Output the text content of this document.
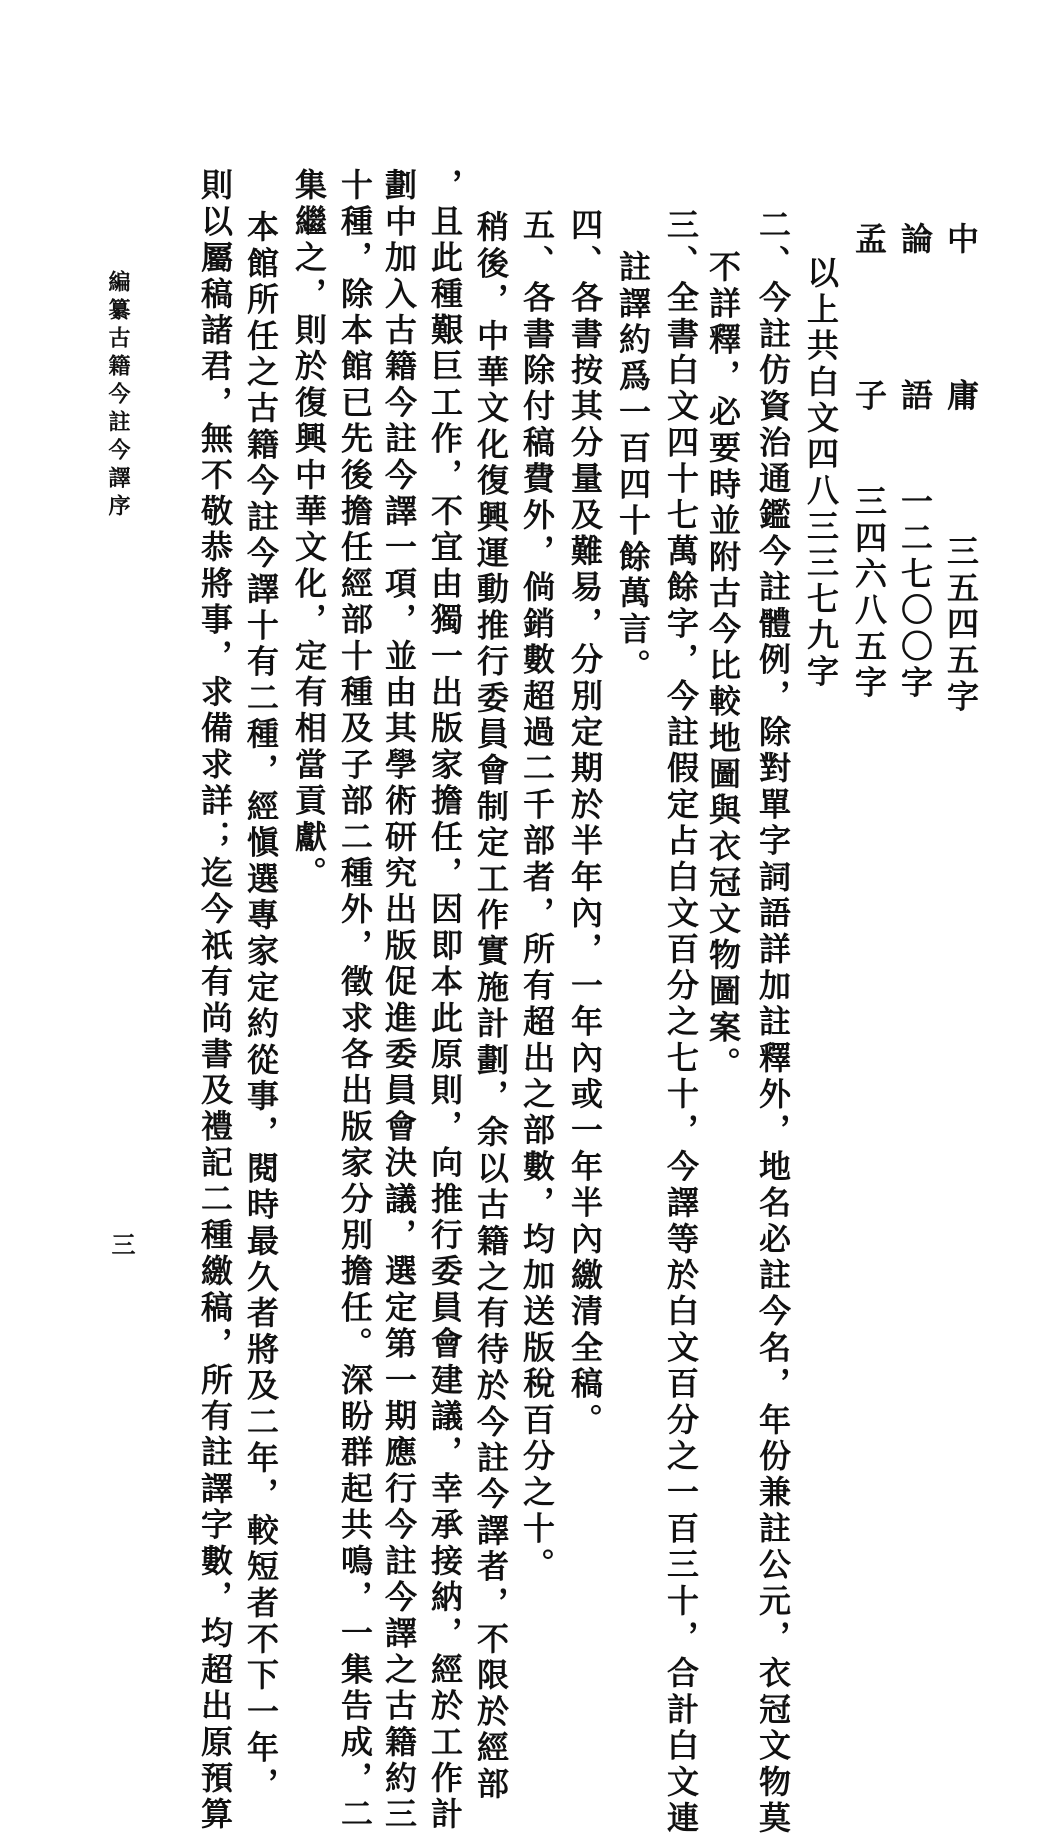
中庸三五四五字
論語一二七〇〇字
孟子三四六八五字
以上共白文四八三三七九字
二、今註仿資治通鑑今註體例，除對單字詞語詳加註釋外，地名必註今名，年份兼註公元，衣冠文物莫
不詳釋，必要時並附古今比較地圖與衣冠文物圖案。
三、全書白文四十七萬餘字，今註假定占白文百分之七十，今譯等於白文百分之一百三十，合計白文連
註譯約爲一百四十餘萬言。
四、各書按其分量及難易，分別定期於半年內，一年內或一年半內繳清全稿。
五、各書除付稿費外，倘銷數超過二千部者，所有超出之部數，均加送版稅百分之十。
稍後，中華文化復興運動推行委員會制定工作實施計劃，余以古籍之有待於今註今譯者，不限於經部
，且此種艱巨工作，不宜由獨一出版家擔任，因即本此原則，向推行委員會建議，幸承接納，經於工作計
劃中加入古籍今註今譯一項，並由其學術研究出版促進委員會決議，選定第一期應行今註今譯之古籍約三
十種，除本館已先後擔任經部十種及子部二種外，徵求各出版家分別擔任。深盼群起共鳴，一集告成，二
集繼之，則於復興中華文化，定有相當貢獻。
本館所任之古籍今註今譯十有二種，經愼選專家定約從事，閱時最久者將及二年，較短者不下一年，
則以屬稿諸君，無不敬恭將事，求備求詳；迄今祇有尚書及禮記二種繳稿，所有註譯字數，均超出原預算
編纂古籍今註今譯序
三
